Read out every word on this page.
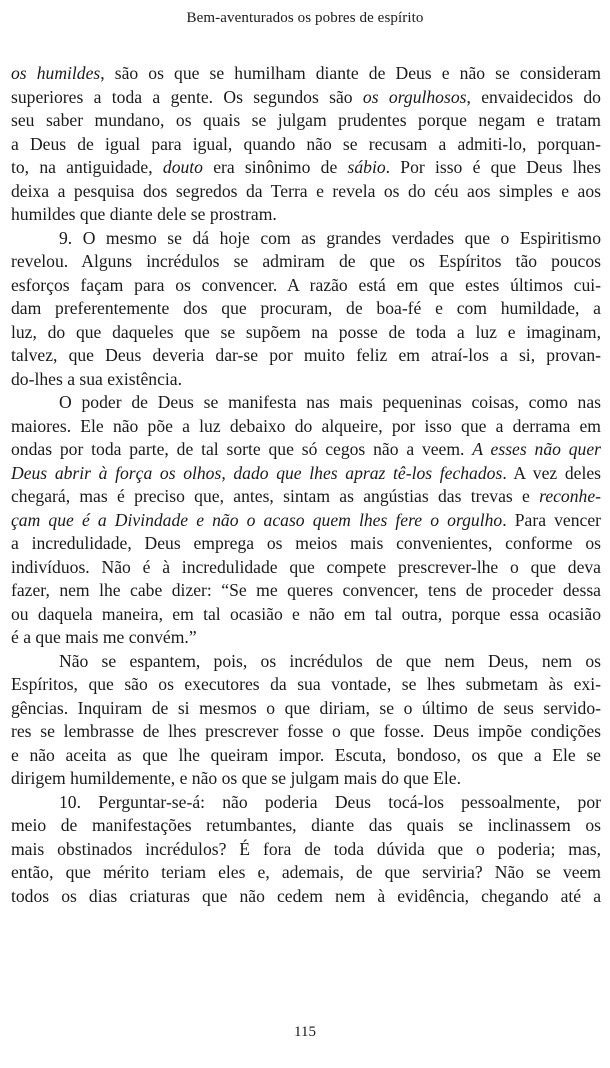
Bem-aventurados os pobres de espírito
os humildes, são os que se humilham diante de Deus e não se consideram
superiores a toda a gente. Os segundos são os orgulhosos, envaidecidos do
seu saber mundano, os quais se julgam prudentes porque negam e tratam
a Deus de igual para igual, quando não se recusam a admiti-lo, porquan-
to, na antiguidade, douto era sinônimo de sábio. Por isso é que Deus lhes
deixa a pesquisa dos segredos da Terra e revela os do céu aos simples e aos
humildes que diante dele se prostram.
9. O mesmo se dá hoje com as grandes verdades que o Espiritismo
revelou. Alguns incrédulos se admiram de que os Espíritos tão poucos
esforços façam para os convencer. A razão está em que estes últimos cui-
dam preferentemente dos que procuram, de boa-fé e com humildade, a
luz, do que daqueles que se supõem na posse de toda a luz e imaginam,
talvez, que Deus deveria dar-se por muito feliz em atraí-los a si, provan-
do-lhes a sua existência.
O poder de Deus se manifesta nas mais pequeninas coisas, como nas
maiores. Ele não põe a luz debaixo do alqueire, por isso que a derrama em
ondas por toda parte, de tal sorte que só cegos não a veem. A esses não quer
Deus abrir à força os olhos, dado que lhes apraz tê-los fechados. A vez deles
chegará, mas é preciso que, antes, sintam as angústias das trevas e reconhe-
çam que é a Divindade e não o acaso quem lhes fere o orgulho. Para vencer
a incredulidade, Deus emprega os meios mais convenientes, conforme os
indivíduos. Não é à incredulidade que compete prescrever-lhe o que deva
fazer, nem lhe cabe dizer: “Se me queres convencer, tens de proceder dessa
ou daquela maneira, em tal ocasião e não em tal outra, porque essa ocasião
é a que mais me convém.”
Não se espantem, pois, os incrédulos de que nem Deus, nem os
Espíritos, que são os executores da sua vontade, se lhes submetam às exi-
gências. Inquiram de si mesmos o que diriam, se o último de seus servido-
res se lembrasse de lhes prescrever fosse o que fosse. Deus impõe condições
e não aceita as que lhe queiram impor. Escuta, bondoso, os que a Ele se
dirigem humildemente, e não os que se julgam mais do que Ele.
10. Perguntar-se-á: não poderia Deus tocá-los pessoalmente, por
meio de manifestações retumbantes, diante das quais se inclinassem os
mais obstinados incrédulos? É fora de toda dúvida que o poderia; mas,
então, que mérito teriam eles e, ademais, de que serviria? Não se veem
todos os dias criaturas que não cedem nem à evidência, chegando até a
115
